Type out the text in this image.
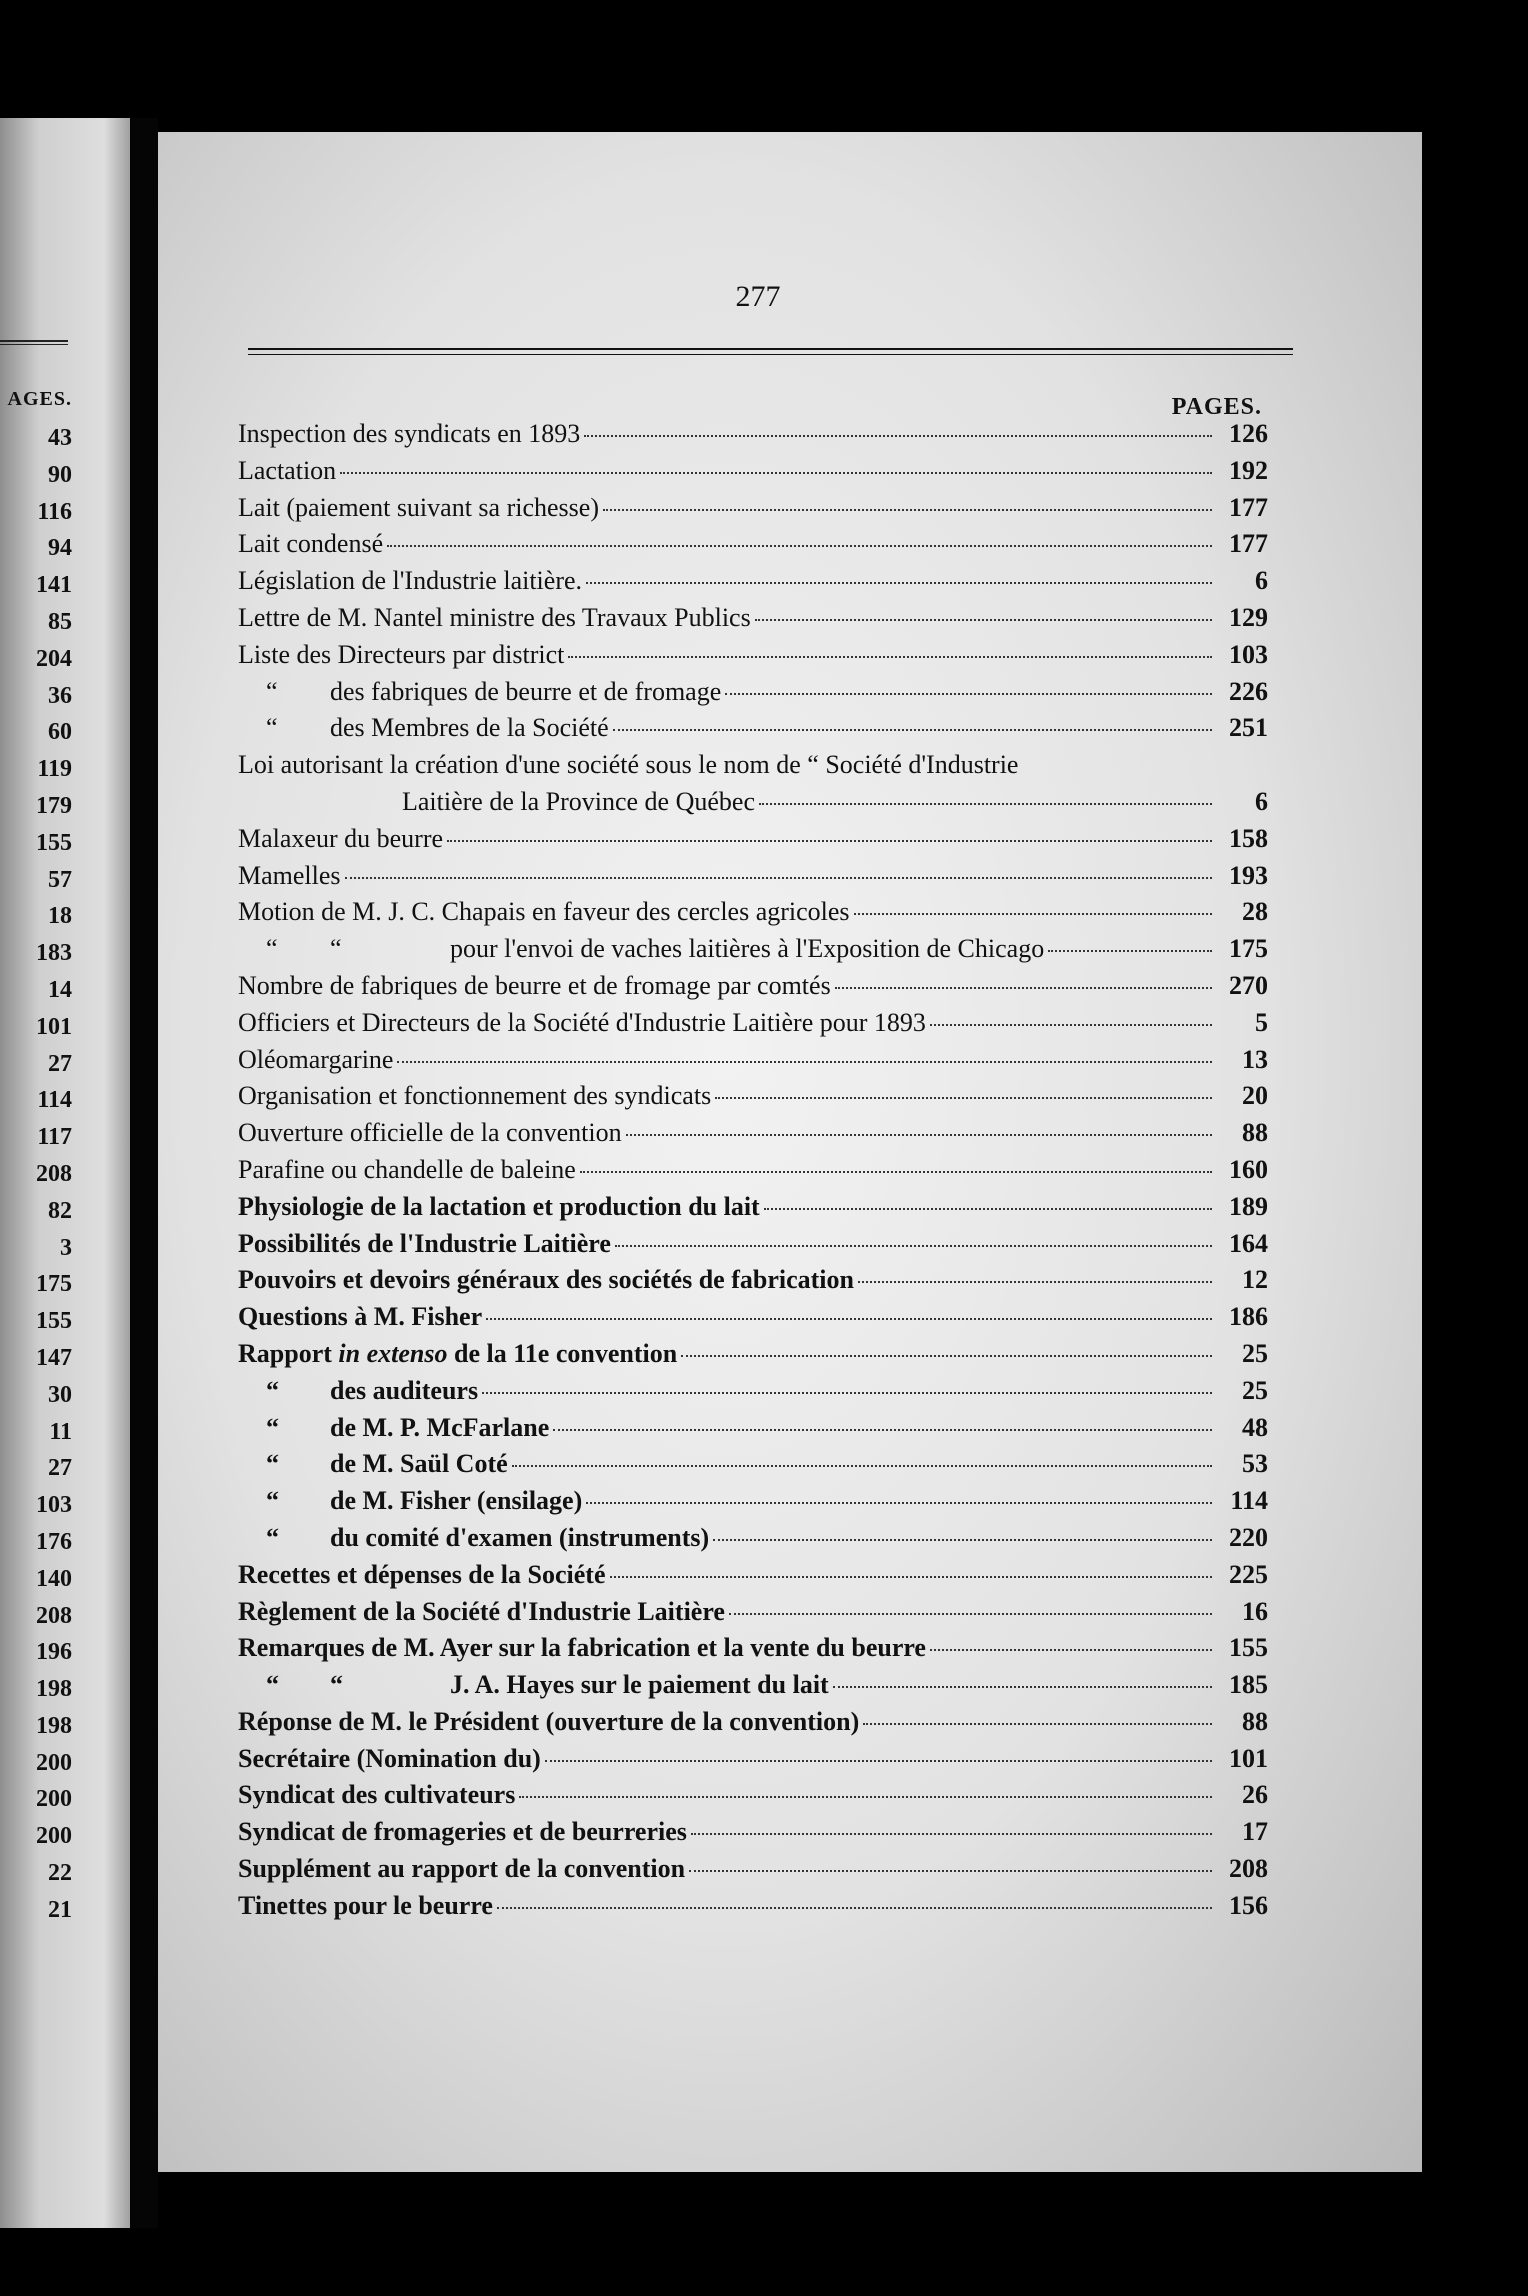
AGES.
43
90
116
94
141
85
204
36
60
119
179
155
57
18
183
14
101
27
114
117
208
82
3
175
155
147
30
11
27
103
176
140
208
196
198
198
200
200
200
22
21
277
PAGES.
Inspection des syndicats en 1893	126
Lactation	192
Lait (paiement suivant sa richesse)	177
Lait condensé	177
Législation de l'Industrie laitière.	6
Lettre de M. Nantel ministre des Travaux Publics	129
Liste des Directeurs par district	103
“ des fabriques de beurre et de fromage	226
“ des Membres de la Société	251
Loi autorisant la création d'une société sous le nom de “ Société d'Industrie
Laitière de la Province de Québec	6
Malaxeur du beurre	158
Mamelles	193
Motion de M. J. C. Chapais en faveur des cercles agricoles	28
“ “	pour l'envoi de vaches laitières à l'Exposition de Chicago	175
Nombre de fabriques de beurre et de fromage par comtés	270
Officiers et Directeurs de la Société d'Industrie Laitière pour 1893	5
Oléomargarine	13
Organisation et fonctionnement des syndicats	20
Ouverture officielle de la convention	88
Parafine ou chandelle de baleine	160
Physiologie de la lactation et production du lait	189
Possibilités de l'Industrie Laitière	164
Pouvoirs et devoirs généraux des sociétés de fabrication	12
Questions à M. Fisher	186
Rapport in extenso de la 11e convention	25
“ des auditeurs	25
“ de M. P. McFarlane	48
“ de M. Saül Coté	53
“ de M. Fisher (ensilage)	114
“ du comité d'examen (instruments)	220
Recettes et dépenses de la Société	225
Règlement de la Société d'Industrie Laitière	16
Remarques de M. Ayer sur la fabrication et la vente du beurre	155
“ “	J. A. Hayes sur le paiement du lait	185
Réponse de M. le Président (ouverture de la convention)	88
Secrétaire (Nomination du)	101
Syndicat des cultivateurs	26
Syndicat de fromageries et de beurreries	17
Supplément au rapport de la convention	208
Tinettes pour le beurre	156
